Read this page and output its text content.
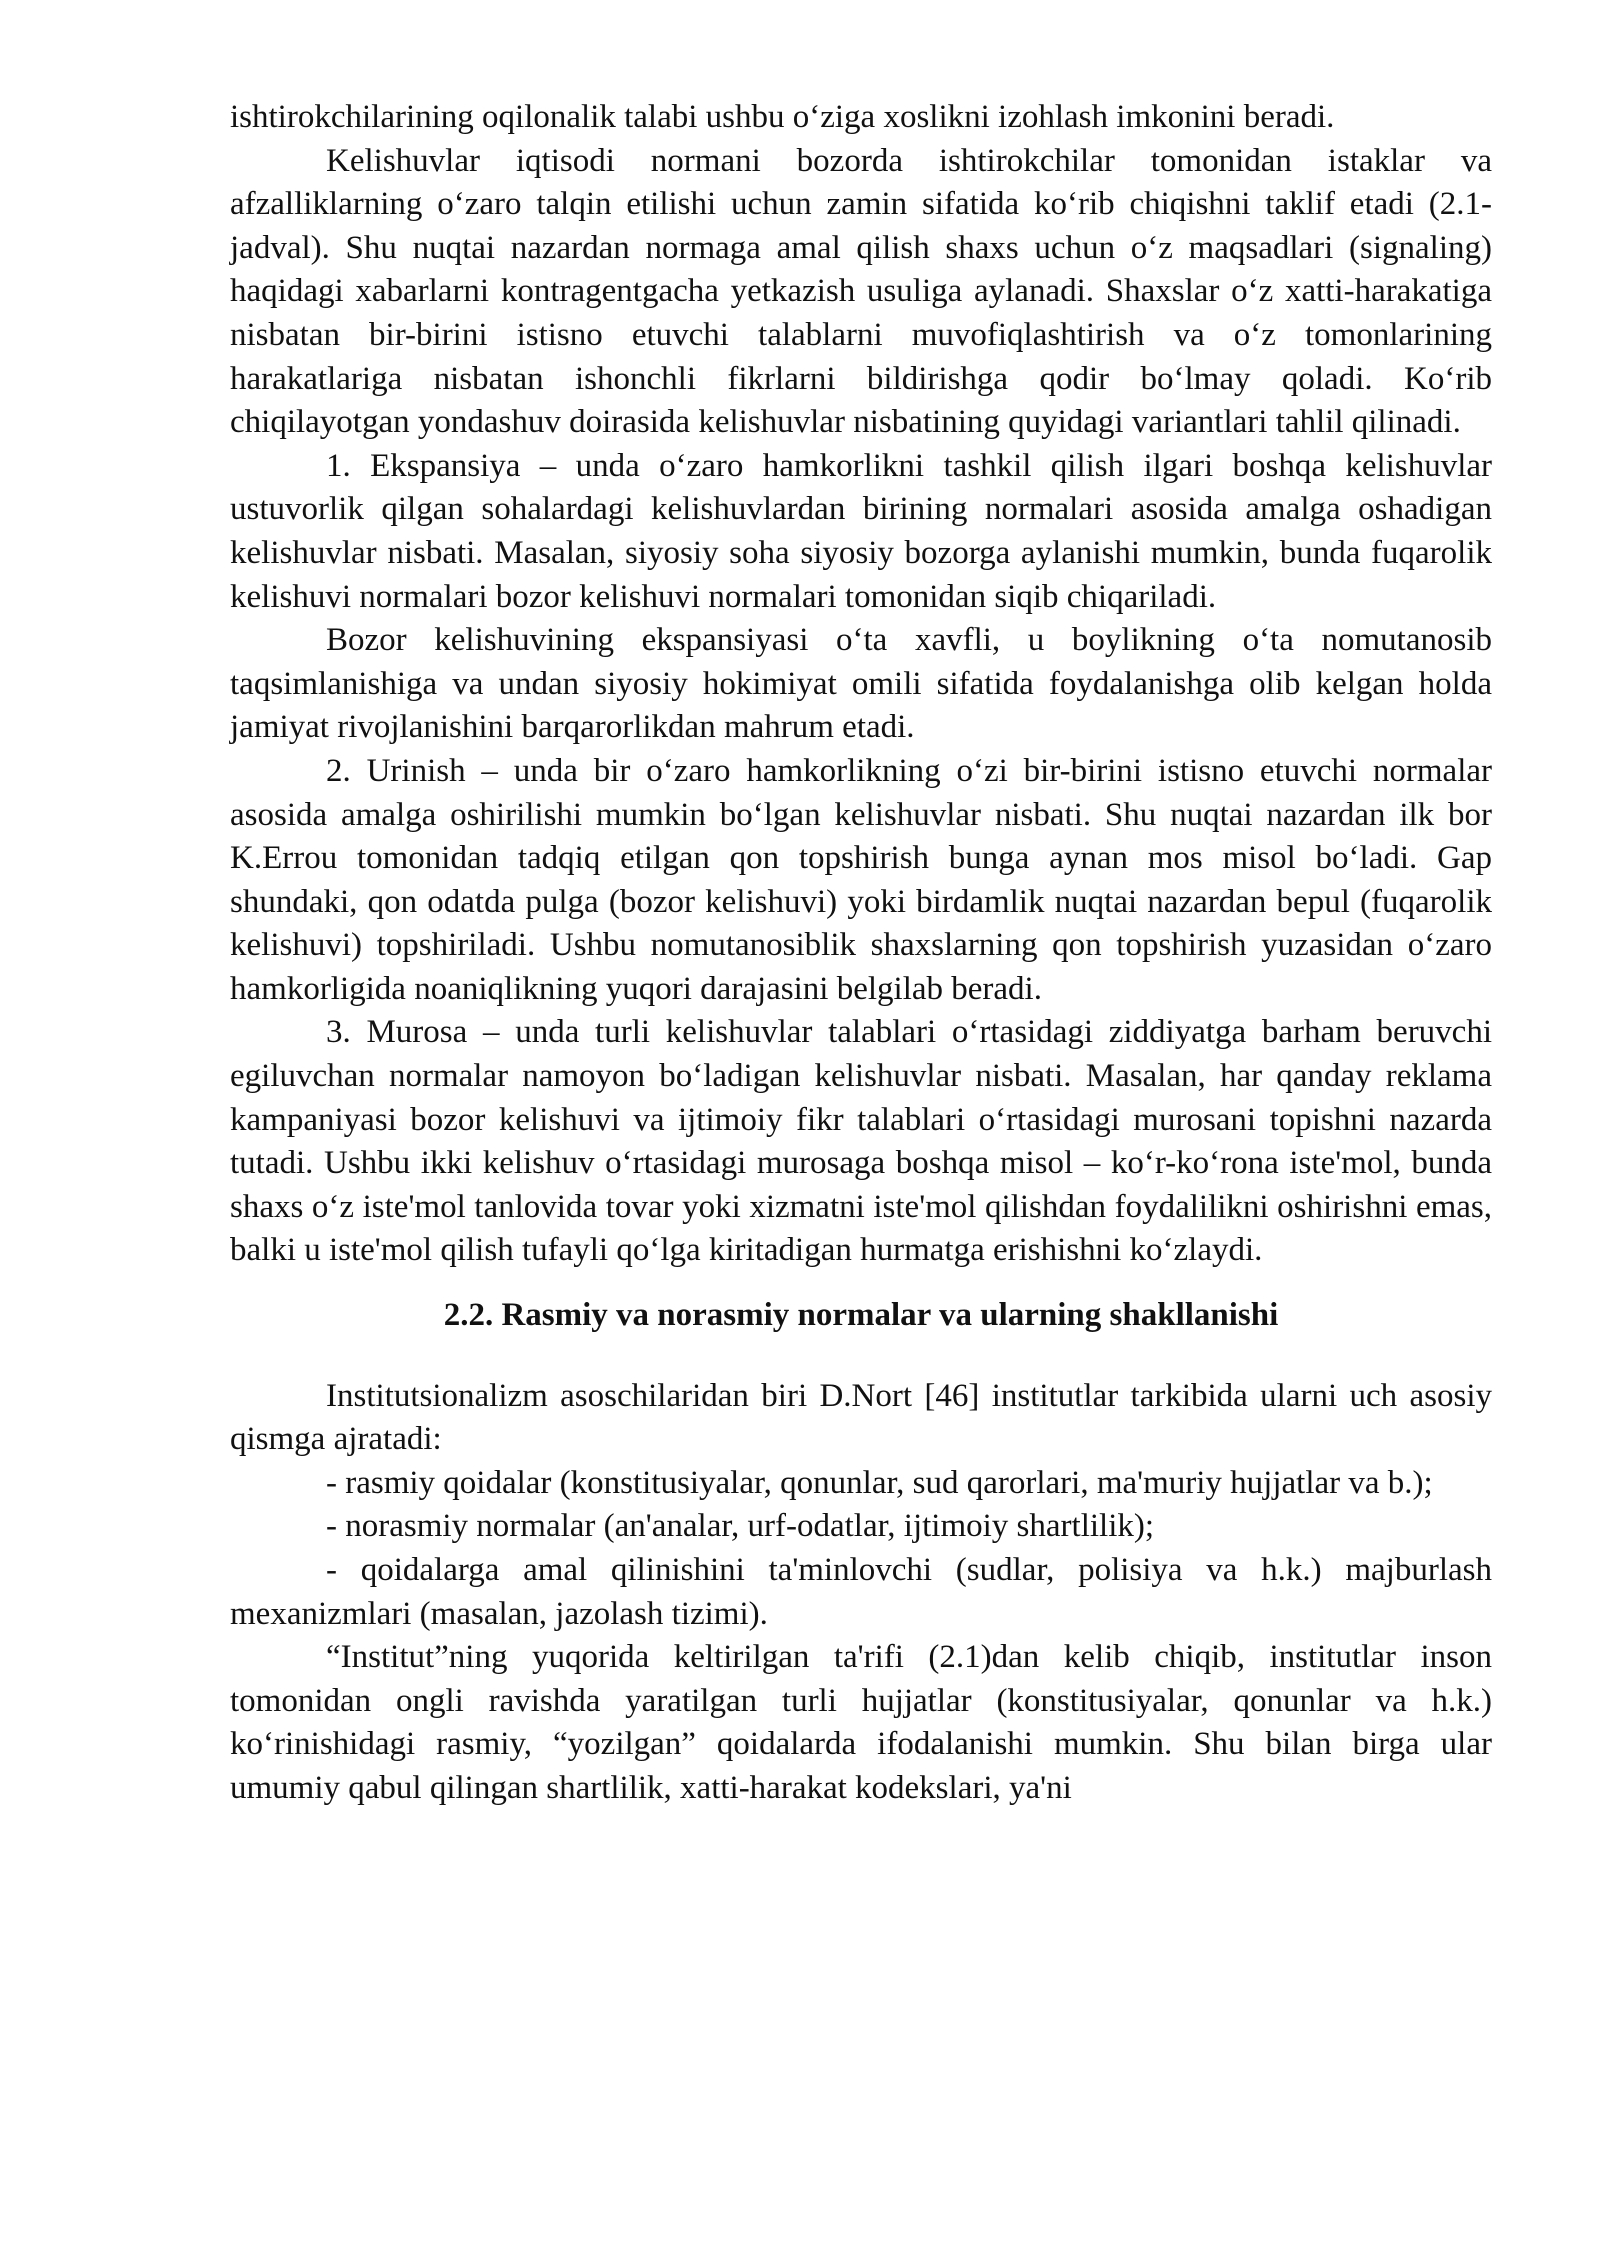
ishtirokchilarining oqilonalik talabi ushbu o‘ziga xoslikni izohlash imkonini beradi.

Kelishuvlar iqtisodi normani bozorda ishtirokchilar tomonidan istaklar va afzalliklarning o‘zaro talqin etilishi uchun zamin sifatida ko‘rib chiqishni taklif etadi (2.1-jadval). Shu nuqtai nazardan normaga amal qilish shaxs uchun o‘z maqsadlari (signaling) haqidagi xabarlarni kontragentgacha yetkazish usuliga aylanadi. Shaxslar o‘z xatti-harakatiga nisbatan bir-birini istisno etuvchi talablarni muvofiqlashtirish va o‘z tomonlarining harakatlariga nisbatan ishonchli fikrlarni bildirishga qodir bo‘lmay qoladi. Ko‘rib chiqilayotgan yondashuv doirasida kelishuvlar nisbatining quyidagi variantlari tahlil qilinadi.

1. Ekspansiya – unda o‘zaro hamkorlikni tashkil qilish ilgari boshqa kelishuvlar ustuvorlik qilgan sohalardagi kelishuvlardan birining normalari asosida amalga oshadigan kelishuvlar nisbati. Masalan, siyosiy soha siyosiy bozorga aylanishi mumkin, bunda fuqarolik kelishuvi normalari bozor kelishuvi normalari tomonidan siqib chiqariladi.

Bozor kelishuvining ekspansiyasi o‘ta xavfli, u boylikning o‘ta nomutanosib taqsimlanishiga va undan siyosiy hokimiyat omili sifatida foydalanishga olib kelgan holda jamiyat rivojlanishini barqarorlikdan mahrum etadi.

2. Urinish – unda bir o‘zaro hamkorlikning o‘zi bir-birini istisno etuvchi normalar asosida amalga oshirilishi mumkin bo‘lgan kelishuvlar nisbati. Shu nuqtai nazardan ilk bor K.Errou tomonidan tadqiq etilgan qon topshirish bunga aynan mos misol bo‘ladi. Gap shundaki, qon odatda pulga (bozor kelishuvi) yoki birdamlik nuqtai nazardan bepul (fuqarolik kelishuvi) topshiriladi. Ushbu nomutanosiblik shaxslarning qon topshirish yuzasidan o‘zaro hamkorligida noaniqlikning yuqori darajasini belgilab beradi.

3. Murosa – unda turli kelishuvlar talablari o‘rtasidagi ziddiyatga barham beruvchi egiluvchan normalar namoyon bo‘ladigan kelishuvlar nisbati. Masalan, har qanday reklama kampaniyasi bozor kelishuvi va ijtimoiy fikr talablari o‘rtasidagi murosani topishni nazarda tutadi. Ushbu ikki kelishuv o‘rtasidagi murosaga boshqa misol – ko‘r-ko‘rona iste'mol, bunda shaxs o‘z iste'mol tanlovida tovar yoki xizmatni iste'mol qilishdan foydalilikni oshirishni emas, balki u iste'mol qilish tufayli qo‘lga kiritadigan hurmatga erishishni ko‘zlaydi.

2.2. Rasmiy va norasmiy normalar va ularning shakllanishi

Institutsionalizm asoschilaridan biri D.Nort [46] institutlar tarkibida ularni uch asosiy qismga ajratadi:

- rasmiy qoidalar (konstitusiyalar, qonunlar, sud qarorlari, ma'muriy hujjatlar va b.);

- norasmiy normalar (an'analar, urf-odatlar, ijtimoiy shartlilik);

- qoidalarga amal qilinishini ta'minlovchi (sudlar, polisiya va h.k.) majburlash mexanizmlari (masalan, jazolash tizimi).

“Institut”ning yuqorida keltirilgan ta'rifi (2.1)dan kelib chiqib, institutlar inson tomonidan ongli ravishda yaratilgan turli hujjatlar (konstitusiyalar, qonunlar va h.k.) ko‘rinishidagi rasmiy, “yozilgan” qoidalarda ifodalanishi mumkin. Shu bilan birga ular umumiy qabul qilingan shartlilik, xatti-harakat kodekslari, ya'ni
